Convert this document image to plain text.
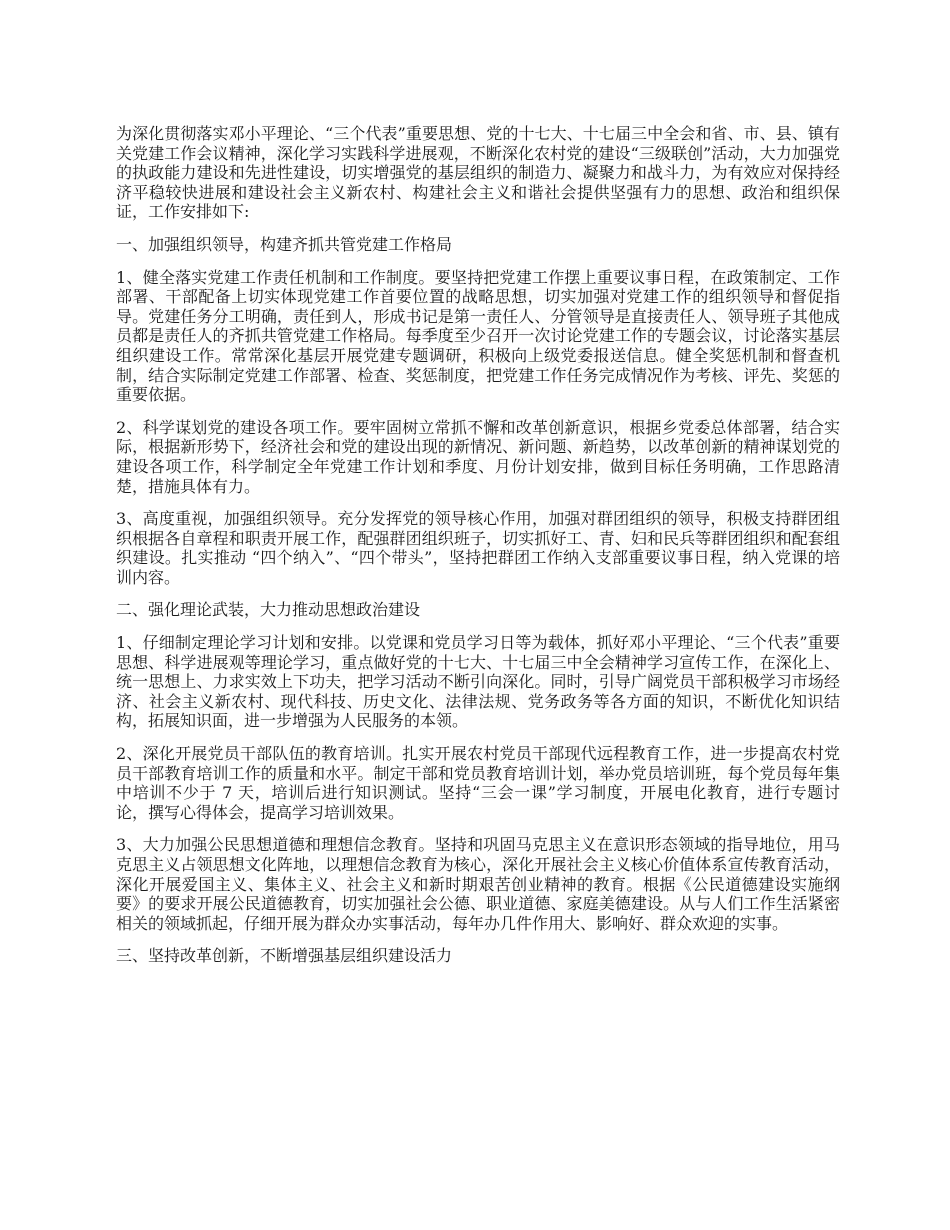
为深化贯彻落实邓小平理论、“三个代表”重要思想、党的十七大、十七届三中全会和省、市、县、镇有关党建工作会议精神，深化学习实践科学进展观，不断深化农村党的建设“三级联创”活动，大力加强党的执政能力建设和先进性建设，切实增强党的基层组织的制造力、凝聚力和战斗力，为有效应对保持经济平稳较快进展和建设社会主义新农村、构建社会主义和谐社会提供坚强有力的思想、政治和组织保证，工作安排如下:

一、加强组织领导，构建齐抓共管党建工作格局

1、健全落实党建工作责任机制和工作制度。要坚持把党建工作摆上重要议事日程，在政策制定、工作部署、干部配备上切实体现党建工作首要位置的战略思想，切实加强对党建工作的组织领导和督促指导。党建任务分工明确，责任到人，形成书记是第一责任人、分管领导是直接责任人、领导班子其他成员都是责任人的齐抓共管党建工作格局。每季度至少召开一次讨论党建工作的专题会议，讨论落实基层组织建设工作。常常深化基层开展党建专题调研，积极向上级党委报送信息。健全奖惩机制和督查机制，结合实际制定党建工作部署、检查、奖惩制度，把党建工作任务完成情况作为考核、评先、奖惩的重要依据。

2、科学谋划党的建设各项工作。要牢固树立常抓不懈和改革创新意识，根据乡党委总体部署，结合实际，根据新形势下，经济社会和党的建设出现的新情况、新问题、新趋势，以改革创新的精神谋划党的建设各项工作，科学制定全年党建工作计划和季度、月份计划安排，做到目标任务明确，工作思路清楚，措施具体有力。

3、高度重视，加强组织领导。充分发挥党的领导核心作用，加强对群团组织的领导，积极支持群团组织根据各自章程和职责开展工作，配强群团组织班子，切实抓好工、青、妇和民兵等群团组织和配套组织建设。扎实推动 “四个纳入”、“四个带头”，坚持把群团工作纳入支部重要议事日程，纳入党课的培训内容。

二、强化理论武装，大力推动思想政治建设

1、仔细制定理论学习计划和安排。以党课和党员学习日等为载体，抓好邓小平理论、“三个代表”重要思想、科学进展观等理论学习，重点做好党的十七大、十七届三中全会精神学习宣传工作，在深化上、统一思想上、力求实效上下功夫，把学习活动不断引向深化。同时，引导广阔党员干部积极学习市场经济、社会主义新农村、现代科技、历史文化、法律法规、党务政务等各方面的知识，不断优化知识结构，拓展知识面，进一步增强为人民服务的本领。

2、深化开展党员干部队伍的教育培训。扎实开展农村党员干部现代远程教育工作，进一步提高农村党员干部教育培训工作的质量和水平。制定干部和党员教育培训计划，举办党员培训班，每个党员每年集中培训不少于 7 天，培训后进行知识测试。坚持“三会一课”学习制度，开展电化教育，进行专题讨论，撰写心得体会，提高学习培训效果。

3、大力加强公民思想道德和理想信念教育。坚持和巩固马克思主义在意识形态领域的指导地位，用马克思主义占领思想文化阵地，以理想信念教育为核心，深化开展社会主义核心价值体系宣传教育活动，深化开展爱国主义、集体主义、社会主义和新时期艰苦创业精神的教育。根据《公民道德建设实施纲要》的要求开展公民道德教育，切实加强社会公德、职业道德、家庭美德建设。从与人们工作生活紧密相关的领域抓起，仔细开展为群众办实事活动，每年办几件作用大、影响好、群众欢迎的实事。

三、坚持改革创新，不断增强基层组织建设活力
